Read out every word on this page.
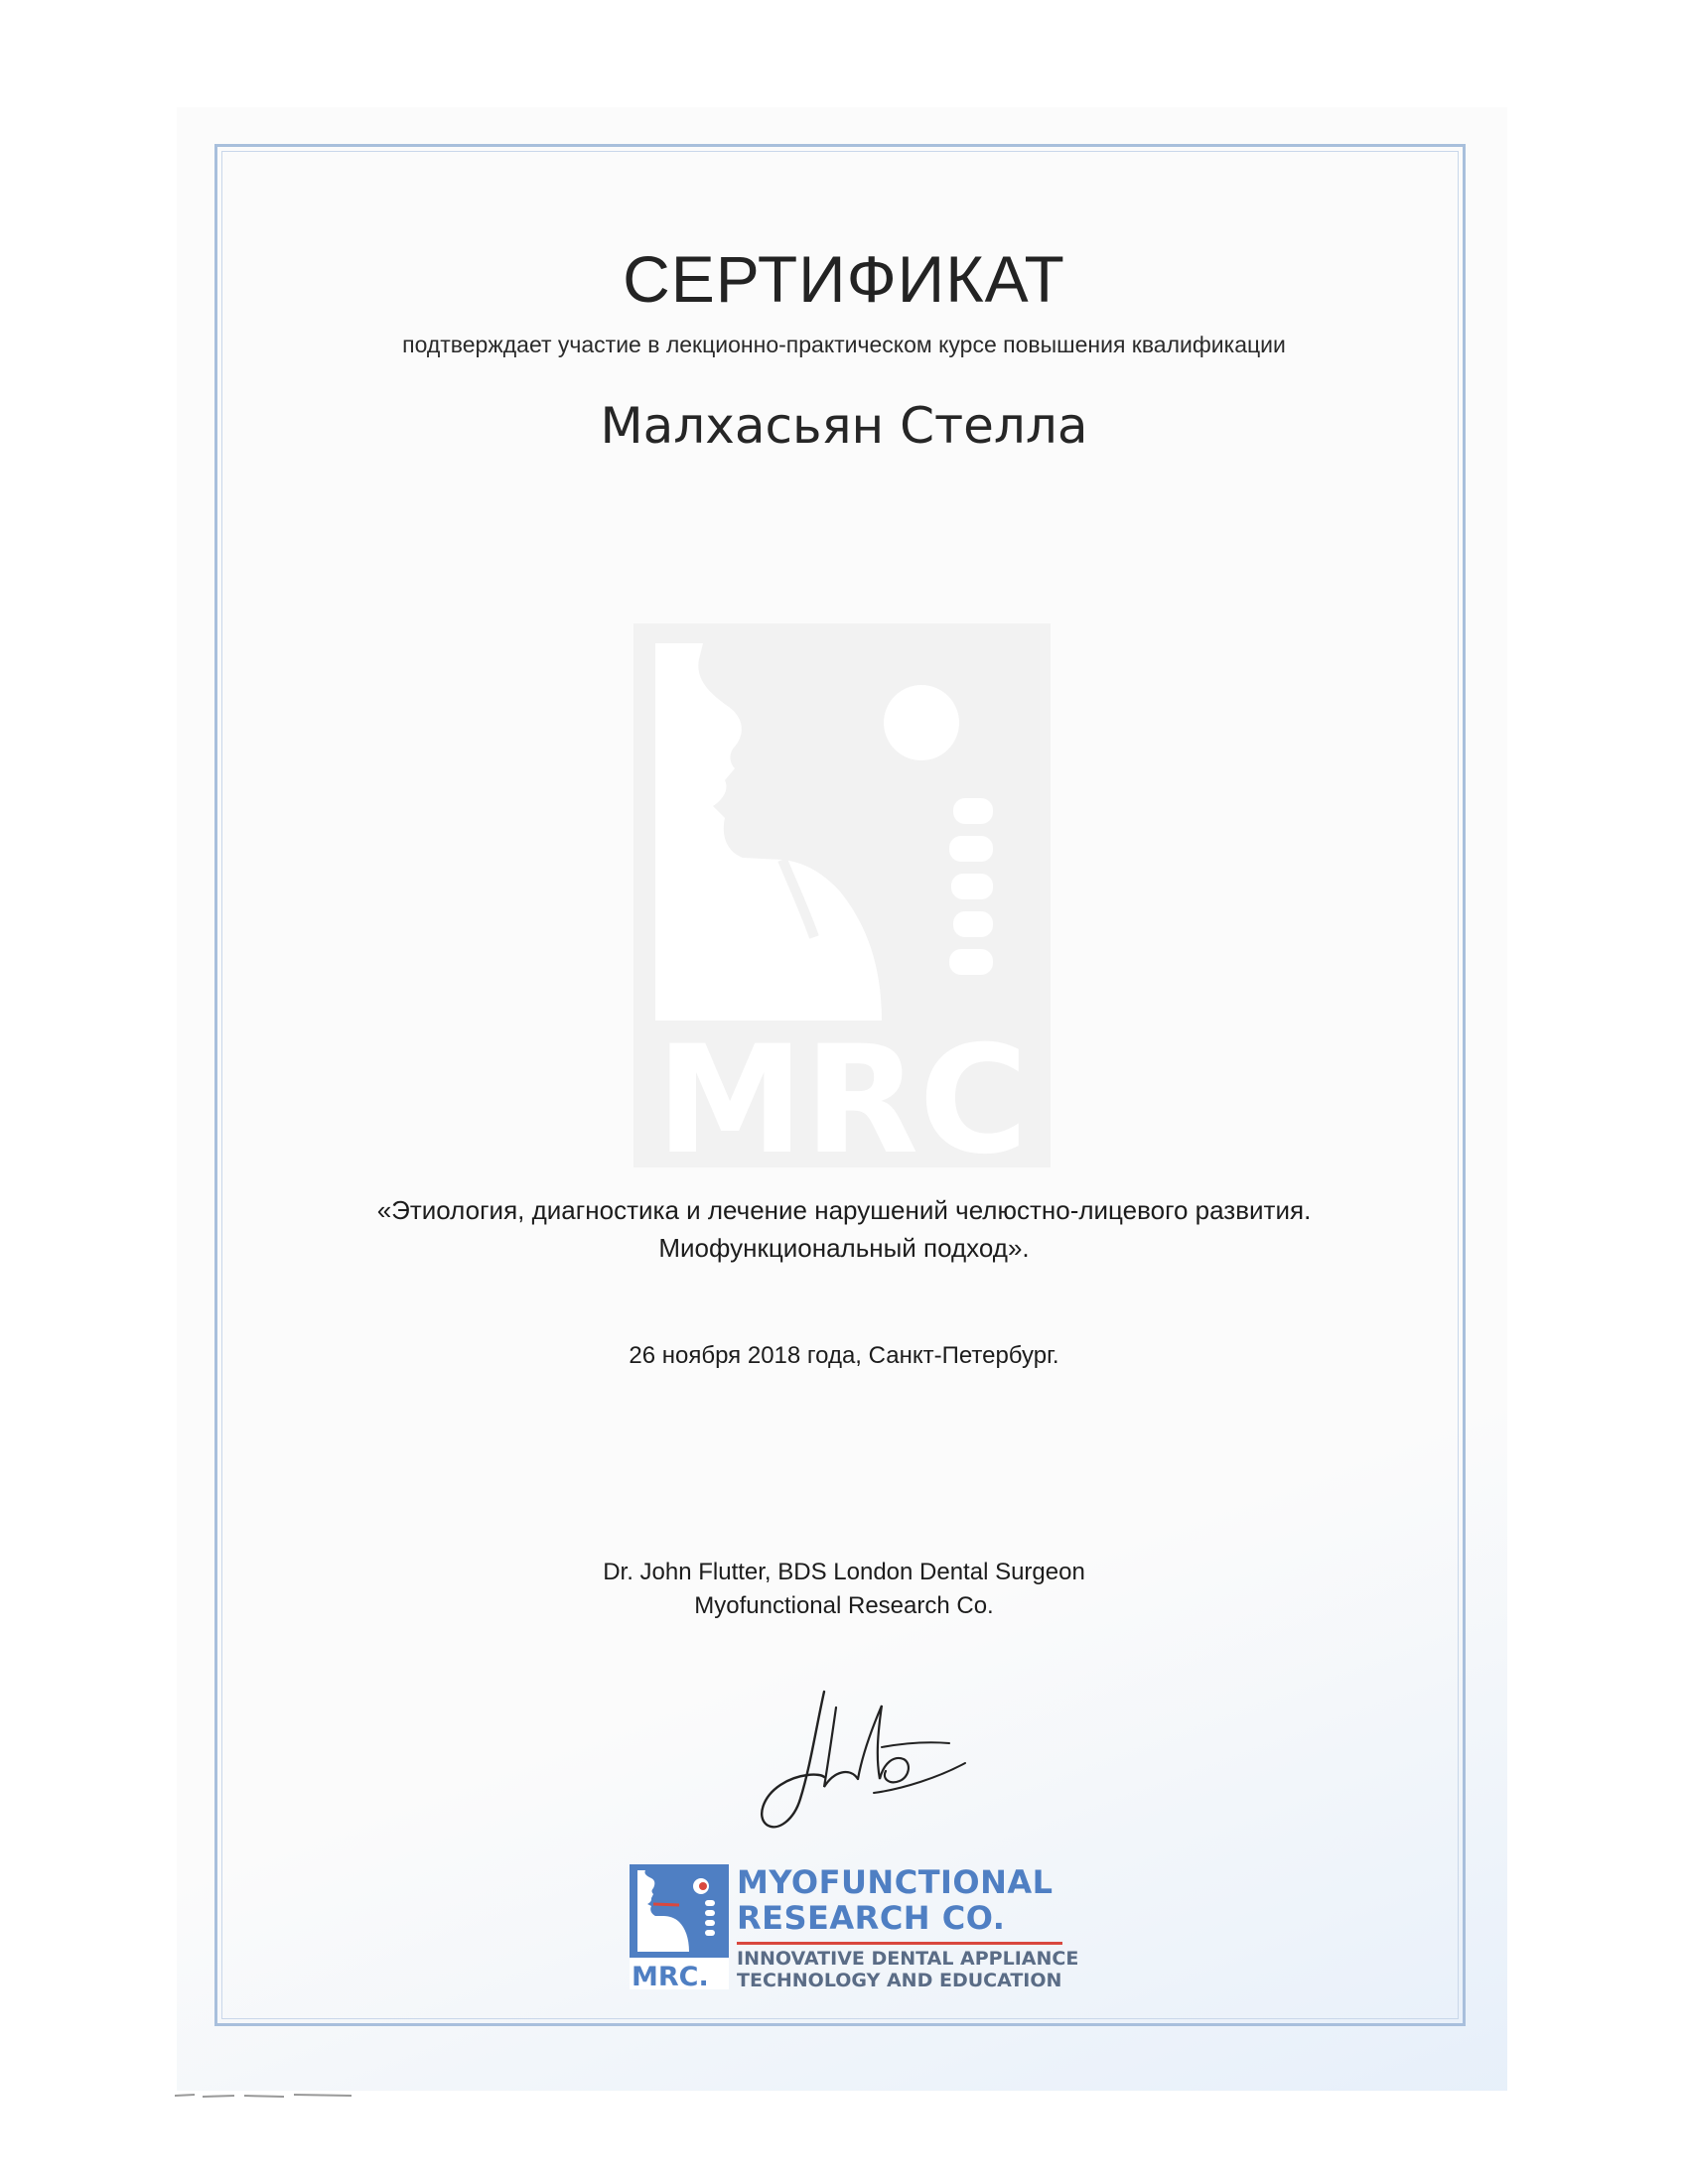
СЕРТИФИКАТ
подтверждает участие в лекционно-практическом курсе повышения квалификации
Малхасьян Стелла
MRC
«Этиология, диагностика и лечение нарушений челюстно-лицевого развития.
Миофункциональный подход».
26 ноября 2018 года, Санкт-Петербург.
Dr. John Flutter, BDS London Dental Surgeon
Myofunctional Research Co.
MRC.
MYOFUNCTIONAL
RESEARCH CO.
INNOVATIVE DENTAL APPLIANCE
TECHNOLOGY AND EDUCATION
